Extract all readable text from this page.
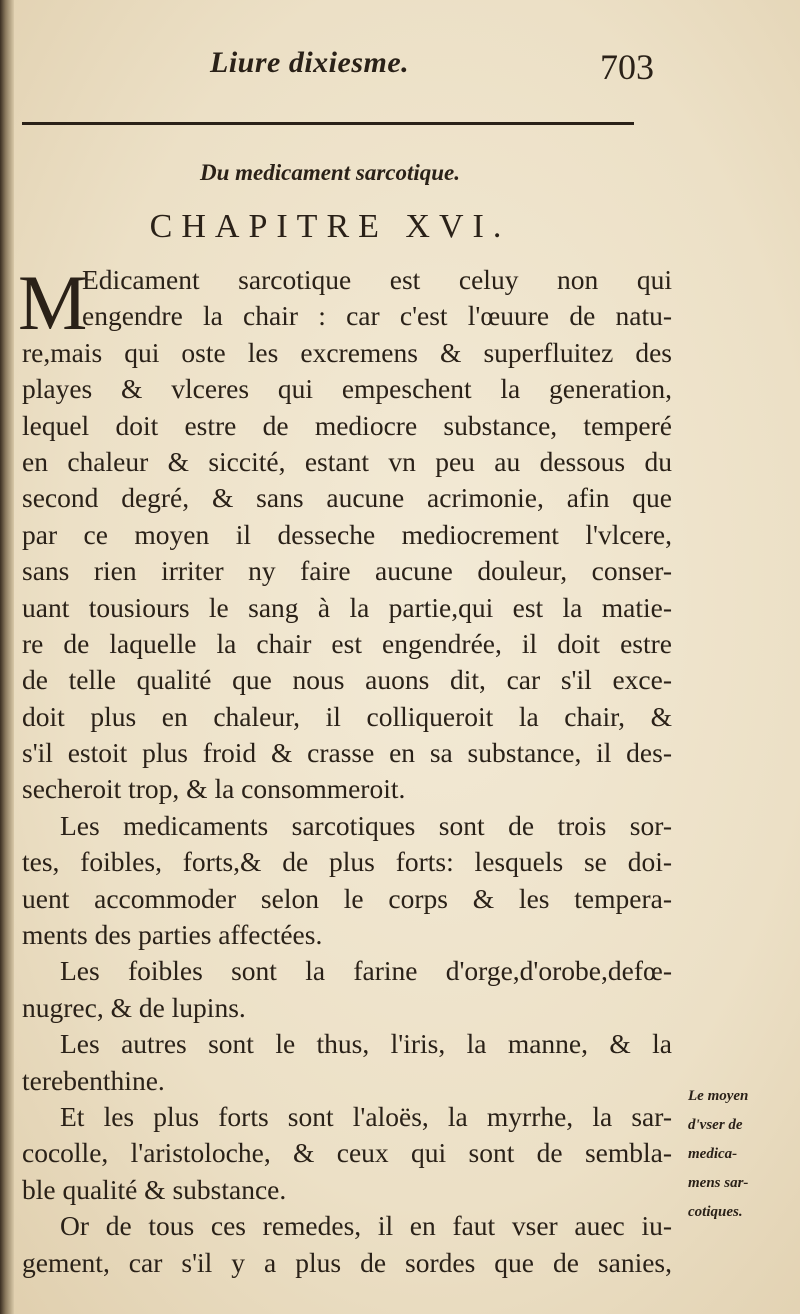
Liure dixiesme.	703
Du medicament sarcotique.
CHAPITRE XVI.
M
Edicament sarcotique est celuy non qui
engendre la chair : car c'est l'œuure de natu-
re,mais qui oste les excremens & superfluitez des
playes & vlceres qui empeschent la generation,
lequel doit estre de mediocre substance, temperé
en chaleur & siccité, estant vn peu au dessous du
second degré, & sans aucune acrimonie, afin que
par ce moyen il desseche mediocrement l'vlcere,
sans rien irriter ny faire aucune douleur, conser-
uant tousiours le sang à la partie,qui est la matie-
re de laquelle la chair est engendrée, il doit estre
de telle qualité que nous auons dit, car s'il exce-
doit plus en chaleur, il colliqueroit la chair, &
s'il estoit plus froid & crasse en sa substance, il des-
secheroit trop, & la consommeroit.
Les medicaments sarcotiques sont de trois sor-
tes, foibles, forts,& de plus forts: lesquels se doi-
uent accommoder selon le corps & les tempera-
ments des parties affectées.
Les foibles sont la farine d'orge,d'orobe,defœ-
nugrec, & de lupins.
Les autres sont le thus, l'iris, la manne, & la
terebenthine.
Et les plus forts sont l'aloës, la myrrhe, la sar-
cocolle, l'aristoloche, & ceux qui sont de sembla-
ble qualité & substance.
Or de tous ces remedes, il en faut vser auec iu-
gement, car s'il y a plus de sordes que de sanies,
Le moyen
d'vser de
medica-
mens sar-
cotiques.
